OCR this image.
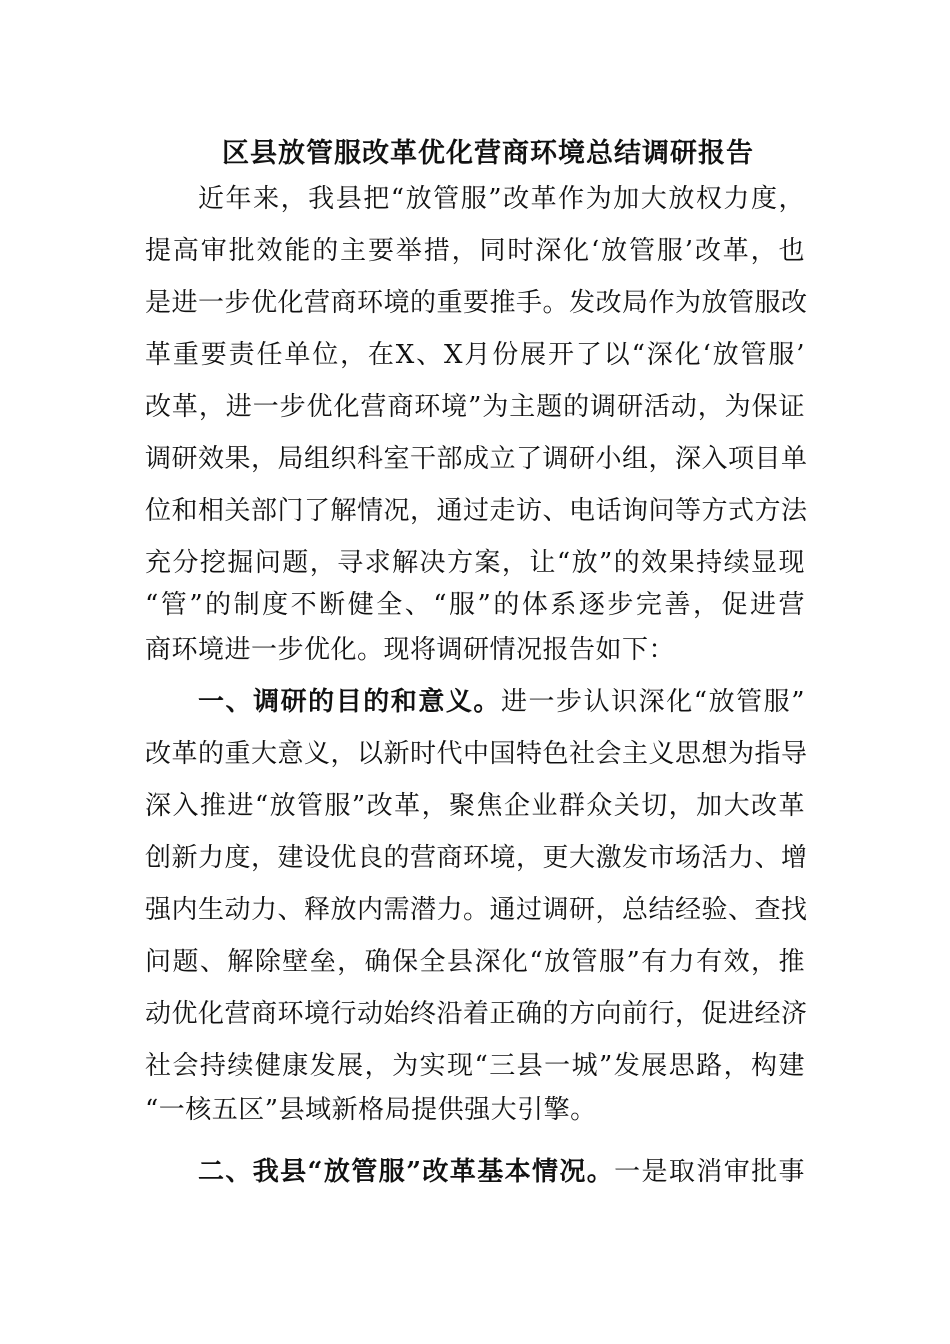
区县放管服改革优化营商环境总结调研报告
近年来，我县把“放管服”改革作为加大放权力度，
提高审批效能的主要举措，同时深化‘放管服’改革，也
是进一步优化营商环境的重要推手。发改局作为放管服改
革重要责任单位，在X、X月份展开了以“深化‘放管服’
改革，进一步优化营商环境”为主题的调研活动，为保证
调研效果，局组织科室干部成立了调研小组，深入项目单
位和相关部门了解情况，通过走访、电话询问等方式方法
充分挖掘问题，寻求解决方案，让“放”的效果持续显现
“管”的制度不断健全、“服”的体系逐步完善，促进营
商环境进一步优化。现将调研情况报告如下：
一、调研的目的和意义。进一步认识深化“放管服”
改革的重大意义，以新时代中国特色社会主义思想为指导
深入推进“放管服”改革，聚焦企业群众关切，加大改革
创新力度，建设优良的营商环境，更大激发市场活力、增
强内生动力、释放内需潜力。通过调研，总结经验、查找
问题、解除壁垒，确保全县深化“放管服”有力有效，推
动优化营商环境行动始终沿着正确的方向前行，促进经济
社会持续健康发展，为实现“三县一城”发展思路，构建
“一核五区”县域新格局提供强大引擎。
二、我县“放管服”改革基本情况。一是取消审批事
